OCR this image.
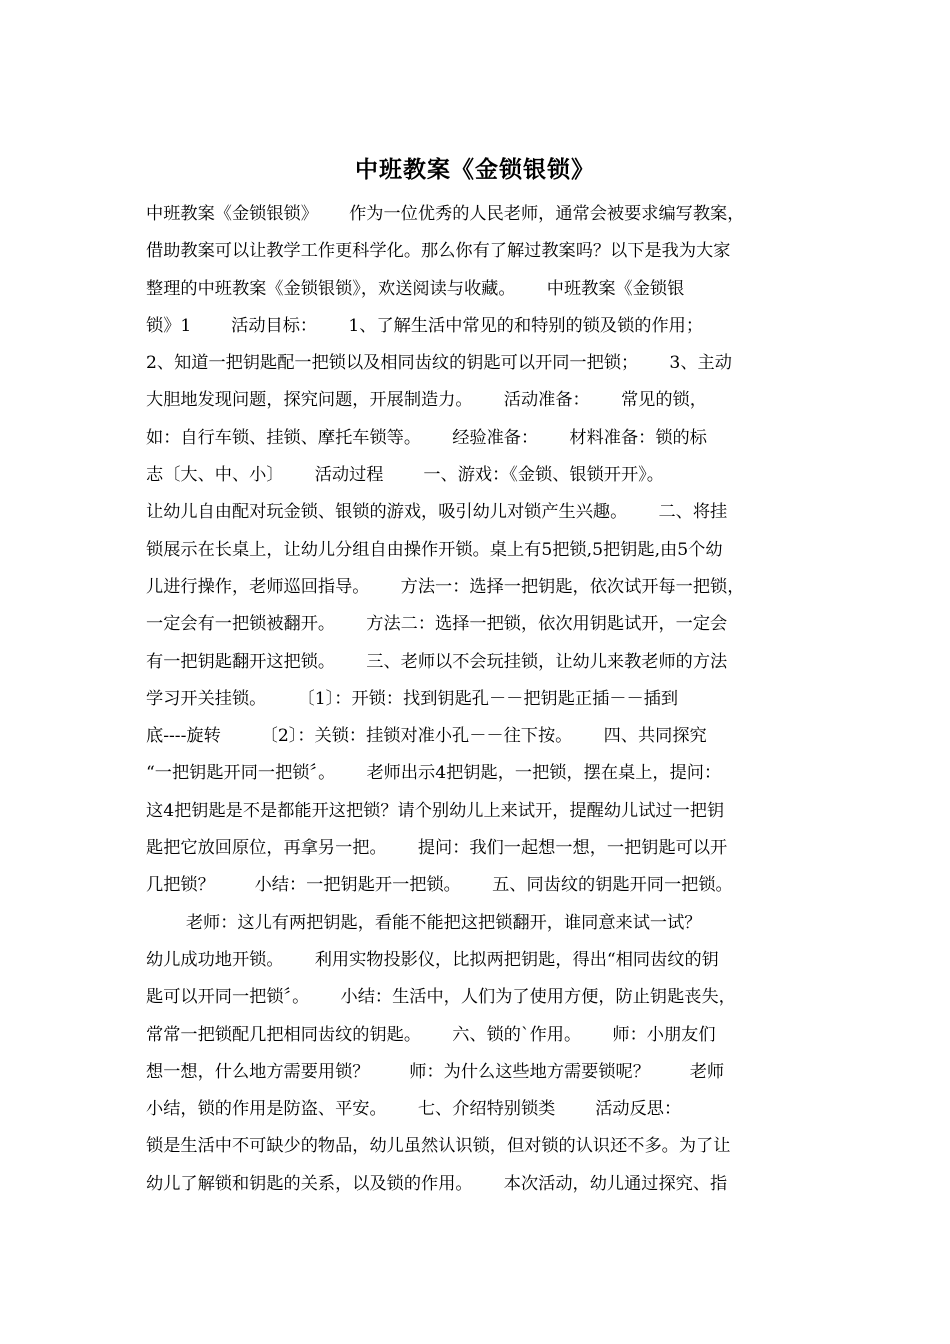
中班教案《金锁银锁》
中班教案《金锁银锁》　　 作为一位优秀的人民老师，通常会被要求编写教案，
借助教案可以让教学工作更科学化。那么你有了解过教案吗？以下是我为大家
整理的中班教案《金锁银锁》，欢送阅读与收藏。　　 中班教案《金锁银
锁》1　　 活动目标：　　 1、了解生活中常见的和特别的锁及锁的作用；
2、知道一把钥匙配一把锁以及相同齿纹的钥匙可以开同一把锁；　　 3、主动
大胆地发现问题，探究问题，开展制造力。　　 活动准备：　　 常见的锁，
如：自行车锁、挂锁、摩托车锁等。　　 经验准备：　　 材料准备：锁的标
志〔大、中、小〕　　 活动过程　　 一、游戏：《金锁、银锁开开》。
让幼儿自由配对玩金锁、银锁的游戏，吸引幼儿对锁产生兴趣。　　 二、将挂
锁展示在长桌上，让幼儿分组自由操作开锁。桌上有5把锁,5把钥匙,由5个幼
儿进行操作，老师巡回指导。　　 方法一：选择一把钥匙，依次试开每一把锁，
一定会有一把锁被翻开。　　 方法二：选择一把锁，依次用钥匙试开，一定会
有一把钥匙翻开这把锁。　　 三、老师以不会玩挂锁，让幼儿来教老师的方法
学习开关挂锁。　　 〔1〕：开锁：找到钥匙孔－－把钥匙正插－－插到
底----旋转　　 〔2〕：关锁：挂锁对准小孔－－往下按。　　 四、共同探究
“一把钥匙开同一把锁〞。　　 老师出示4把钥匙，一把锁，摆在桌上，提问：
这4把钥匙是不是都能开这把锁？请个别幼儿上来试开，提醒幼儿试过一把钥
匙把它放回原位，再拿另一把。　　 提问：我们一起想一想，一把钥匙可以开
几把锁？　　 小结：一把钥匙开一把锁。　　 五、同齿纹的钥匙开同一把锁。
　　 老师：这儿有两把钥匙，看能不能把这把锁翻开，谁同意来试一试？
幼儿成功地开锁。　　 利用实物投影仪，比拟两把钥匙，得出“相同齿纹的钥
匙可以开同一把锁〞。　　 小结：生活中，人们为了使用方便，防止钥匙丧失，
常常一把锁配几把相同齿纹的钥匙。　　 六、锁的`作用。　　 师：小朋友们
想一想，什么地方需要用锁？　　 师：为什么这些地方需要锁呢？　　 老师
小结，锁的作用是防盗、平安。　　 七、介绍特别锁类　　 活动反思：
锁是生活中不可缺少的物品，幼儿虽然认识锁，但对锁的认识还不多。为了让
幼儿了解锁和钥匙的关系，以及锁的作用。　　 本次活动，幼儿通过探究、指
